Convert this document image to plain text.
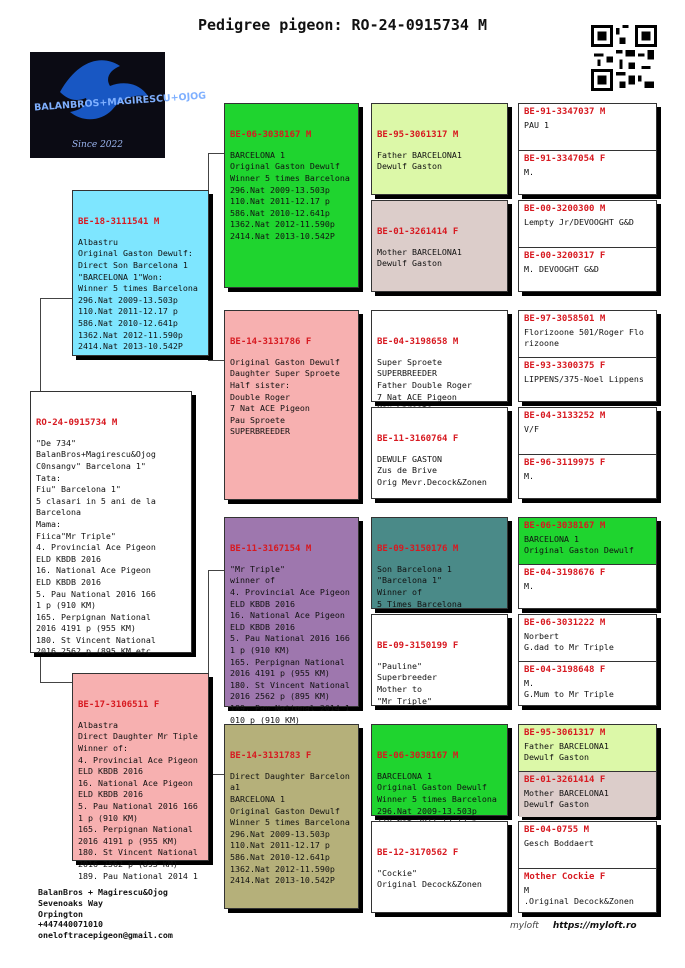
Pedigree pigeon: RO-24-0915734 M
BALANBROS+MAGIRESCU+OJOG
Since 2022

RO-24-0915734 M
"De 734"
BalanBros+Magirescu&Ojog
C0nsangv" Barcelona 1"
Tata:
Fiu" Barcelona 1"
5 clasari in 5 ani de la
Barcelona
Mama:
Fiica"Mr Triple"
4. Provincial Ace Pigeon
ELD KBDB 2016
16. National Ace Pigeon
ELD KBDB 2016
5. Pau National 2016 166
1 p (910 KM)
165. Perpignan National
2016 4191 p (955 KM)
180. St Vincent National
2016 2562 p (895 KM etc

BE-18-3111541 M
Albastru
Original Gaston Dewulf:
Direct Son Barcelona 1
"BARCELONA 1"Won:
Winner 5 times Barcelona
296.Nat 2009-13.503p
110.Nat 2011-12.17 p
586.Nat 2010-12.641p
1362.Nat 2012-11.590p
2414.Nat 2013-10.542P

BE-17-3106511 F
Albastra
Direct Daughter Mr Tiple
Winner of:
4. Provincial Ace Pigeon
ELD KBDB 2016
16. National Ace Pigeon
ELD KBDB 2016
5. Pau National 2016 166
1 p (910 KM)
165. Perpignan National
2016 4191 p (955 KM)
180. St Vincent National
2016 2562 p (895 KM)
189. Pau National 2014 1

BE-06-3038167 M
BARCELONA 1
Original Gaston Dewulf
Winner 5 times Barcelona
296.Nat 2009-13.503p
110.Nat 2011-12.17 p
586.Nat 2010-12.641p
1362.Nat 2012-11.590p
2414.Nat 2013-10.542P

BE-14-3131786 F
Original Gaston Dewulf
Daughter Super Sproete
Half sister:
Double Roger
7 Nat ACE Pigeon
Pau Sproete
SUPERBREEDER

BE-11-3167154 M
"Mr Triple"
winner of
4. Provincial Ace Pigeon
ELD KBDB 2016
16. National Ace Pigeon
ELD KBDB 2016
5. Pau National 2016 166
1 p (910 KM)
165. Perpignan National
2016 4191 p (955 KM)
180. St Vincent National
2016 2562 p (895 KM)
189. Pau National 2014 1
010 p (910 KM)

BE-14-3131783 F
Direct Daughter Barcelon
a1
BARCELONA 1
Original Gaston Dewulf
Winner 5 times Barcelona
296.Nat 2009-13.503p
110.Nat 2011-12.17 p
586.Nat 2010-12.641p
1362.Nat 2012-11.590p
2414.Nat 2013-10.542P

BE-95-3061317 M
Father BARCELONA1
Dewulf Gaston

BE-01-3261414 F
Mother BARCELONA1
Dewulf Gaston

BE-04-3198658 M
Super Sproete
SUPERBREEDER
Father Double Roger
7 Nat ACE Pigeon

BE-11-3160764 F
DEWULF GASTON
Zus de Brive
Orig Mevr.Decock&Zonen

BE-09-3150176 M
Son Barcelona 1
"Barcelona 1"
Winner of
5 Times Barcelona

BE-09-3150199 F
"Pauline"
Superbreeder
Mother to
"Mr Triple"

BE-06-3038167 M
BARCELONA 1
Original Gaston Dewulf
Winner 5 times Barcelona
296.Nat 2009-13.503p

BE-12-3170562 F
"Cockie"
Original Decock&Zonen

BE-91-3347037 M
PAU 1

BE-91-3347054 F
M.

BE-00-3200300 M
Lempty Jr/DEVOOGHT G&D

BE-00-3200317 F
M. DEVOOGHT G&D

BE-97-3058501 M
Florizoone 501/Roger Flo
rizoone

BE-93-3300375 F
LIPPENS/375-Noel Lippens

BE-04-3133252 M
V/F

BE-96-3119975 F
M.

BE-06-3038167 M
BARCELONA 1
Original Gaston Dewulf

BE-04-3198676 F
M.

BE-06-3031222 M
Norbert
G.dad to Mr Triple

BE-04-3198648 F
M.
G.Mum to Mr Triple

BE-95-3061317 M
Father BARCELONA1
Dewulf Gaston

BE-01-3261414 F
Mother BARCELONA1
Dewulf Gaston

BE-04-0755 M
Gesch Boddaert

Mother Cockie F
M
.Original Decock&Zonen

BalanBros + Magirescu&Ojog
Sevenoaks Way
Orpington
+447440071010
oneloftracepigeon@gmail.com
myloft https://myloft.ro
